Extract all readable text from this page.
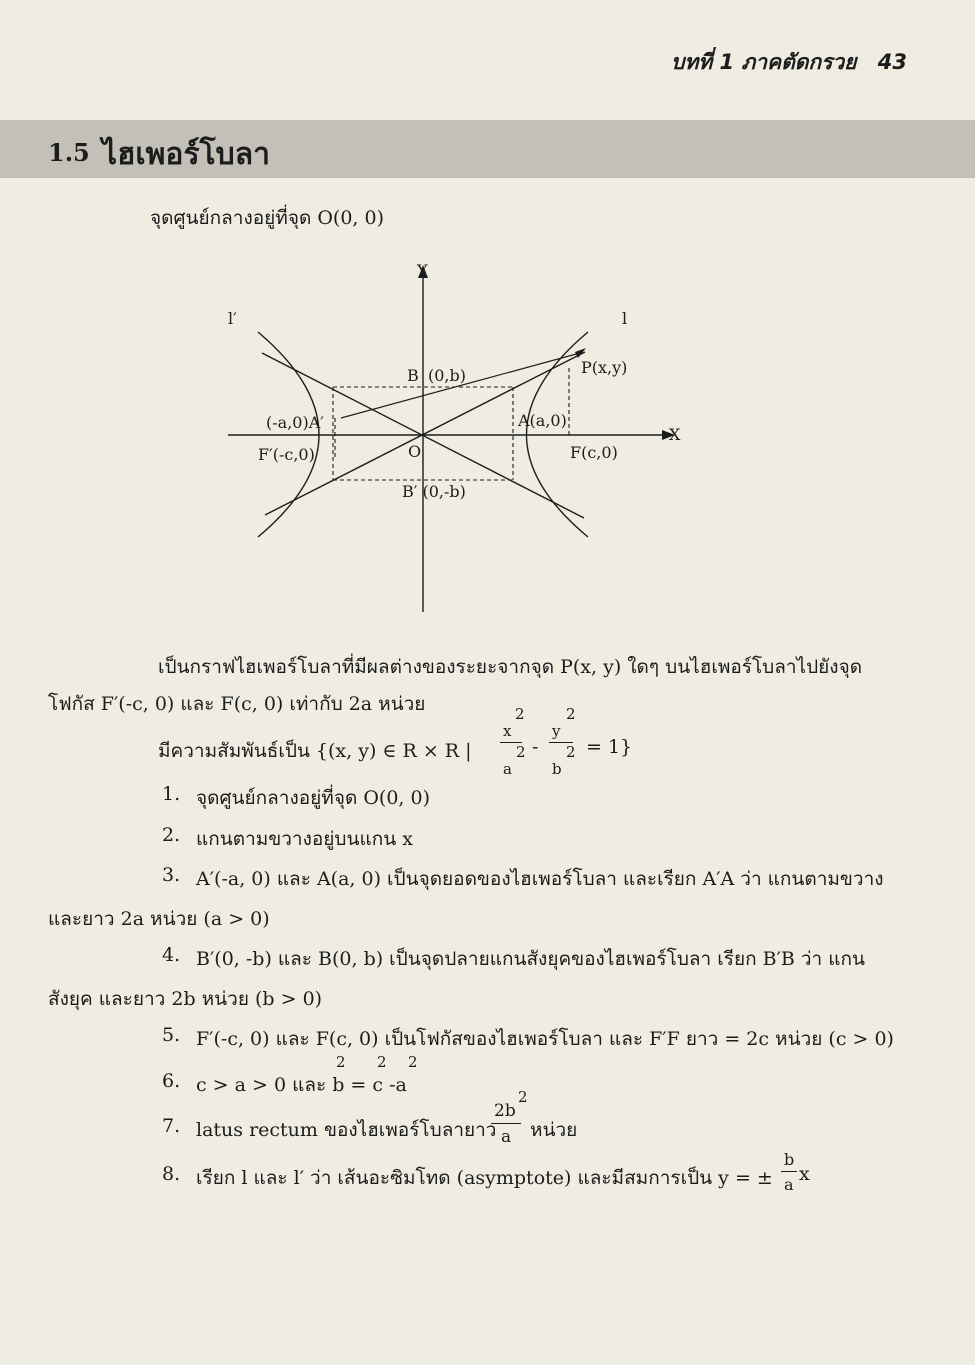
บทที่ 1 ภาคตัดกรวย 43
1.5 ไฮเพอร์โบลา
จุดศูนย์กลางอยู่ที่จุด O(0, 0)
Y
X
l
l′
B (0,b)	P(x,y)
(-a,0)A′	A(a,0)
F′(-c,0)	O	F(c,0)
B′ (0,-b)
เป็นกราฟไฮเพอร์โบลาที่มีผลต่างของระยะจากจุด P(x, y) ใดๆ บนไฮเพอร์โบลาไปยังจุด
โฟกัส F′(-c, 0) และ F(c, 0) เท่ากับ 2a หน่วย
มีความสัมพันธ์เป็น {(x, y) ∈ R × R |
2
x
2
a
-
2
y
2
b
= 1}
1. จุดศูนย์กลางอยู่ที่จุด O(0, 0)
2. แกนตามขวางอยู่บนแกน x
3. A′(-a, 0) และ A(a, 0) เป็นจุดยอดของไฮเพอร์โบลา และเรียก A′A ว่า แกนตามขวาง
และยาว 2a หน่วย (a > 0)
4. B′(0, -b) และ B(0, b) เป็นจุดปลายแกนสังยุคของไฮเพอร์โบลา เรียก B′B ว่า แกน
สังยุค และยาว 2b หน่วย (b > 0)
5. F′(-c, 0) และ F(c, 0) เป็นโฟกัสของไฮเพอร์โบลา และ F′F ยาว = 2c หน่วย (c > 0)
6. c > a > 0 และ b = c -a
2 2 2
7. latus rectum ของไฮเพอร์โบลายาว
2
2b
a หน่วย
8. เรียก l และ l′ ว่า เส้นอะซิมโทด (asymptote) และมีสมการเป็น y = ±
b
a x
